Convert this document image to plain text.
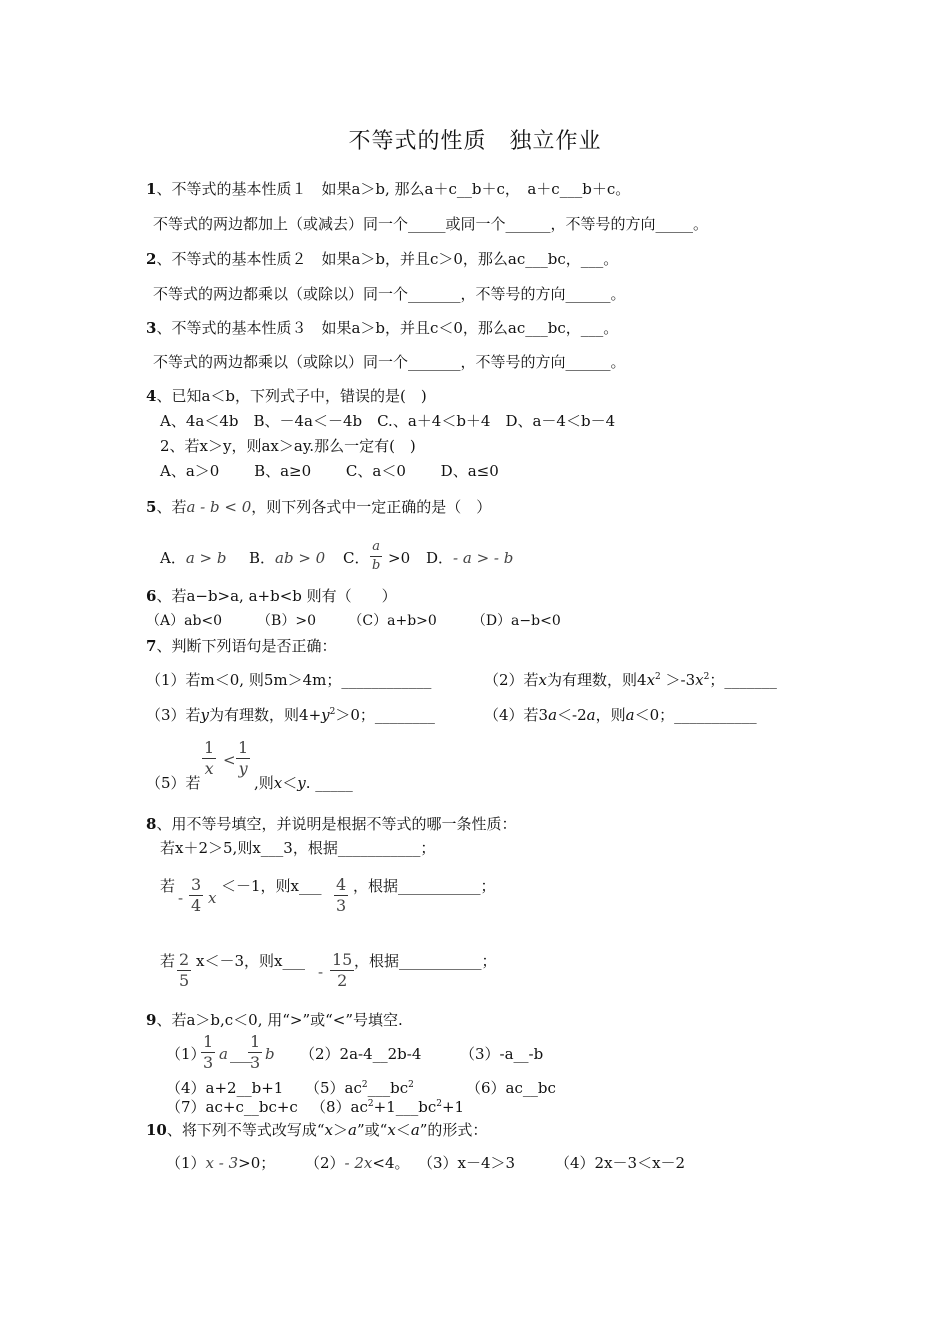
不等式的性质　独立作业
1、不等式的基本性质１　如果a＞b, 那么a＋c__b＋c，　a＋c___b＋c。
不等式的两边都加上（或减去）同一个_____或同一个______，不等号的方向_____。
2、不等式的基本性质２　如果a＞b，并且c＞0，那么ac___bc，___。
不等式的两边都乘以（或除以）同一个_______，不等号的方向______。
3、不等式的基本性质３　如果a＞b，并且c＜0，那么ac___bc，___。
不等式的两边都乘以（或除以）同一个_______，不等号的方向______。
4、已知a＜b，下列式子中，错误的是(　)
A、4a＜4b　B、－4a＜－4b　C.、a＋4＜b＋4　D、a－4＜b－4
2、若x＞y，则ax＞ay.那么一定有(　)
A、a＞0　　 B、a≥0　　 C、a＜0　　 D、a≤0
5、若a - b < 0，则下列各式中一定正确的是（　）
A．a > b B．ab > 0 C．
a
b >0 D．- a > - b
6、若a−b>a, a+b<b 则有（　　）
（A）ab<0　　　（B）>0　　 （C）a+b>0　　　（D）a−b<0
7、判断下列语句是否正确：
（1）若m＜0, 则5m＞4m；____________	（2）若x为有理数，则$4x^2 >-3x^2$；_______
（3）若y为有理数，则$4+y^2>0$；________	（4）若3a＜-2a，则a＜0；___________
1
x <
1
y
（5）若	,则x＜y. _____
8、用不等号填空，并说明是根据不等式的哪一条性质：
若x＋2＞5,则x___3，根据___________；
若
-
3
4 x
＜－1，则x___ 4
3
，根据___________；
若 2
5
x＜－3，则x___
-
15
2
，根据___________；
9、若a＞b,c＜0, 用“>”或“<”号填空.
（1）
1
3 a ___
1
3 b （2）2a-4__2b-4	（3）-a__-b
（4）a+2__b+1 $(5)ac^2\_\_\_bc^2$	（6）ac__bc
（7）ac+c__bc+c $(8)ac^2+1\_\_\_bc^2+1$
10、将下列不等式改写成“x＞a”或“x＜a”的形式：
（1）x - 3>0； （2）- 2x<4。 （3）x－4＞3	（4）2x－3＜x－2
